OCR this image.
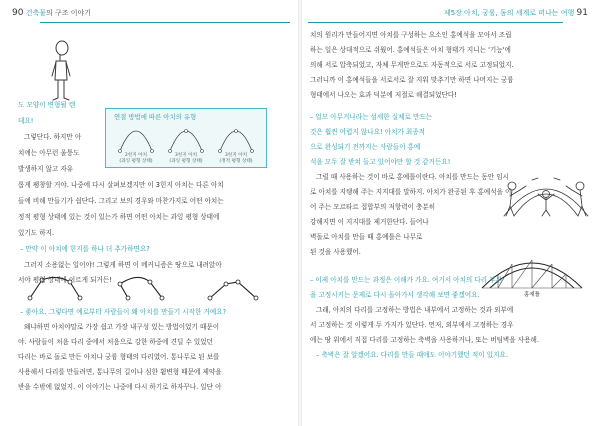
90 건축물의 구조 이야기
연결 방법에 따른 아치의 유형
2힌지 아치
(과잉 평형 상태)
3힌지 아치
(과잉 평형 상태)
3힌지 아치
(정적 평형 상태)
도 모양이 변형될 텐
데요!
그렇단다. 하지만 아
치에는 아무런 울퉁도
발생하지 않고 자유
롭게 팽창할 거야. 나중에 다시 살펴보겠지만 이 3힌지 아치는 다른 아치
들에 비해 만들기가 쉽단다. 그리고 보의 경우와 마찬가지로 어떤 아치는
정적 평형 상태에 있는 것이 있는가 하면 어떤 아치는 과잉 평형 상태에
있기도 하지.
– 만약 이 아치에 힌지를 하나 더 추가하면요?
그러지 소용없는 일이야! 그렇게 하면 이 메커니즘은 땅으로 내려앉아
서야 평형 상태에 이르게 되거든!
– 좋아요. 그렇다면 예로부터 사람들이 왜 아치를 만들기 시작한 거예요?
왜냐하면 아치야말로 가장 쉽고 가장 내구성 있는 방법이었기 때문이
야. 사람들이 처음 다리 중에서 처음으로 강한 하중에 견딜 수 있었던
다리는 바로 돌로 만든 아치나 궁륭 형태의 다리였어. 통나무로 된 보를
사용해서 다리를 만들려면, 통나무의 길이나 심한 휨변형 때문에 제약을
받을 수밖에 없었지. 이 이야기는 나중에 다시 하기로 하자꾸나. 일단 아
제5장 아치, 궁륭, 돔의 세계로 떠나는 여행 91
홍예틀
치의 원리가 만들어지면 아치를 구성하는 요소인 홍예석을 모아서 조립
하는 일은 상대적으로 쉬웠어. 홍예석들은 아치 형태가 지니는 '기능'에
의해 서로 압축되었고, 자체 무게만으로도 자동적으로 서로 고정되었지.
그러니까 이 홍예석들을 서로서로 잘 지워 맞추기만 하면 나머지는 궁륭
형태에서 나오는 효과 덕분에 저절로 해결되었단다!
– 얼모 아무거나라는 섬세한 실체로 만드는
것은 훨씬 어렵지 않나요! 아치가 최종적
으로 완성되기 전까지는 사람들이 홍예
석을 모두 잘 받쳐 들고 있어야만 할 것 같거든요!
그럴 때 사용하는 것이 바로 홍예틀이란다. 아치를 만드는 동안 임시
로 아치를 지탱해 주는 지지대를 말하지. 아치가 완공된 후 홍예석을 이
어 주는 모르타르 접합부의 저항력이 충분히
강해지면 이 지지대를 제거한단다. 들어나
벽돌로 아치를 만들 때 홍예틀은 나무로
된 것을 사용했어.
– 이제 아치를 만드는 과정은 이해가 가요. 여기서 아치의 다리 부분
을 고정시키는 문제로 다시 돌아가서 생각해 보면 좋겠어요.
그래, 아치의 다리를 고정하는 방법은 내부에서 고정하는 것과 외부에
서 고정하는 것 이렇게 두 가지가 있단다. 먼저, 외부에서 고정하는 경우
에는 땅 위에서 직접 다리를 고정하는 축벽을 사용하거나, 또는 버팀벽을 사용해.
– 축벽은 잘 알겠어요. 다리를 만들 때에도 이야기했던 적이 있지요.
